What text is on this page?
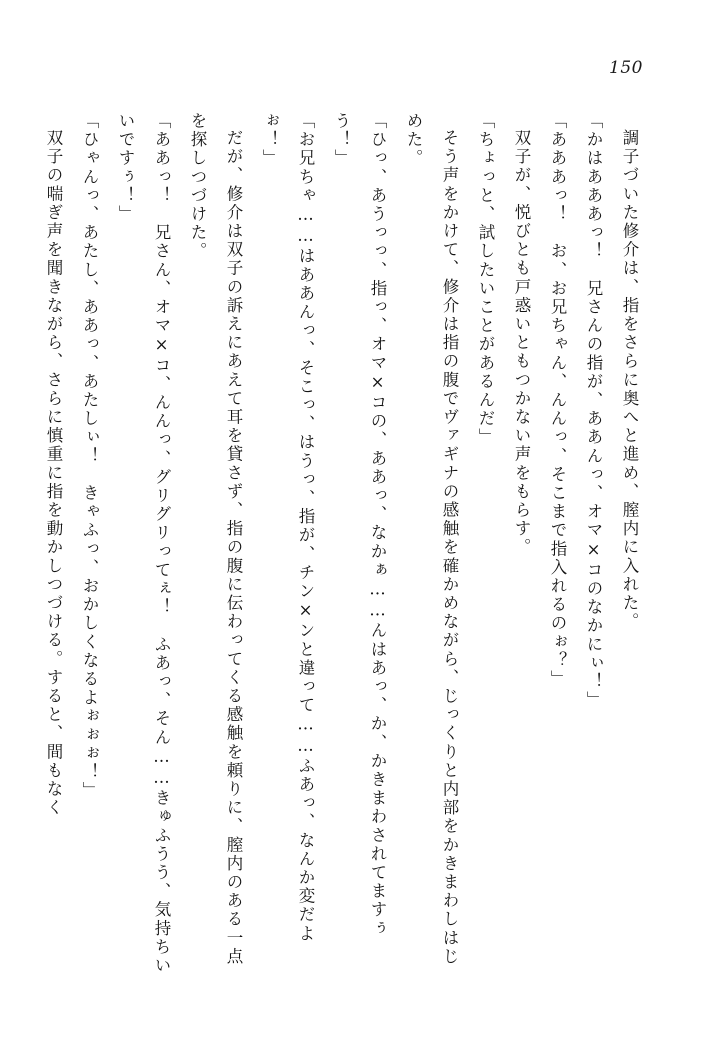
150

調子づいた修介は、指をさらに奥へと進め、膣内に入れた。

「かはあああっ！　兄さんの指が、ああんっ、オマ×コのなかにぃ！」

「あああっ！　お、お兄ちゃん、んんっ、そこまで指入れるのぉ？」

双子が、悦びとも戸惑いともつかない声をもらす。

「ちょっと、試したいことがあるんだ」

そう声をかけて、修介は指の腹でヴァギナの感触を確かめながら、じっくりと内部をかきまわしはじめた。

「ひっ、あうっっ、指っ、オマ×コの、ああっ、なかぁ……んはあっ、か、かきまわされてますぅう！」

「お兄ちゃ……はああんっ、そこっ、はうっ、指が、チン×ンと違って……ふあっ、なんか変だよぉ！」

だが、修介は双子の訴えにあえて耳を貸さず、指の腹に伝わってくる感触を頼りに、膣内のある一点を探しつづけた。

「ああっ！　兄さん、オマ×コ、んんっ、グリグリってぇ！　ふあっ、そん……きゅふうう、気持ちいいですぅ！」

「ひゃんっ、あたし、ああっ、あたしぃ！　きゃふっ、おかしくなるよぉぉぉ！」

双子の喘ぎ声を聞きながら、さらに慎重に指を動かしつづける。すると、間もなく
